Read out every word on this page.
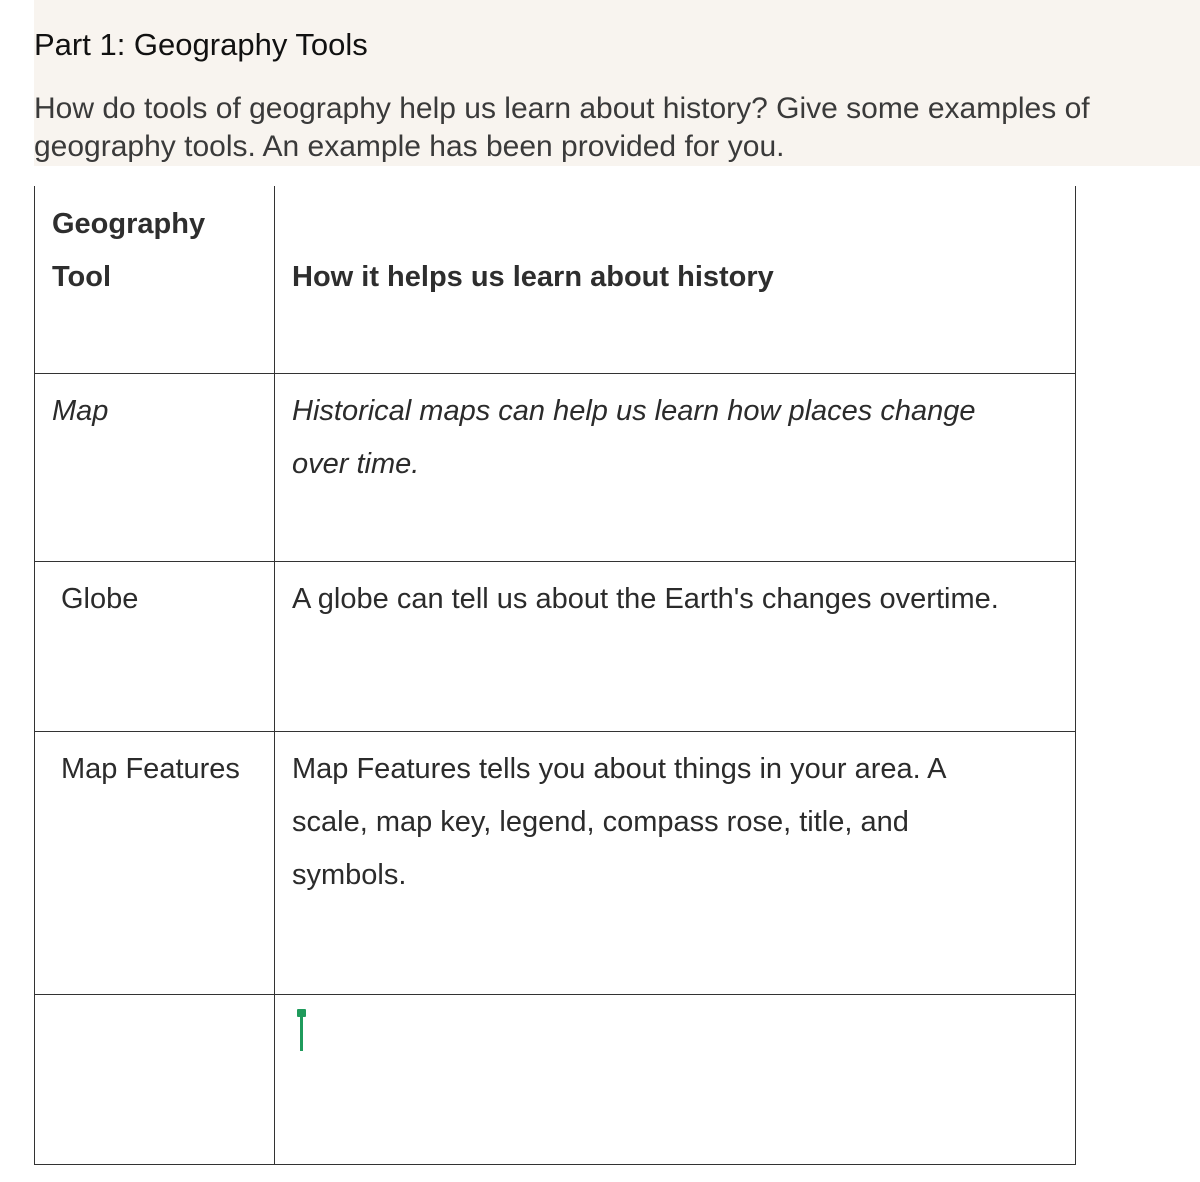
Part 1: Geography Tools

How do tools of geography help us learn about history? Give some examples of geography tools. An example has been provided for you.

Geography Tool	How it helps us learn about history

Map	Historical maps can help us learn how places change over time.

Globe	A globe can tell us about the Earth's changes overtime.

Map Features	Map Features tells you about things in your area. A scale, map key, legend, compass rose, title, and symbols.
